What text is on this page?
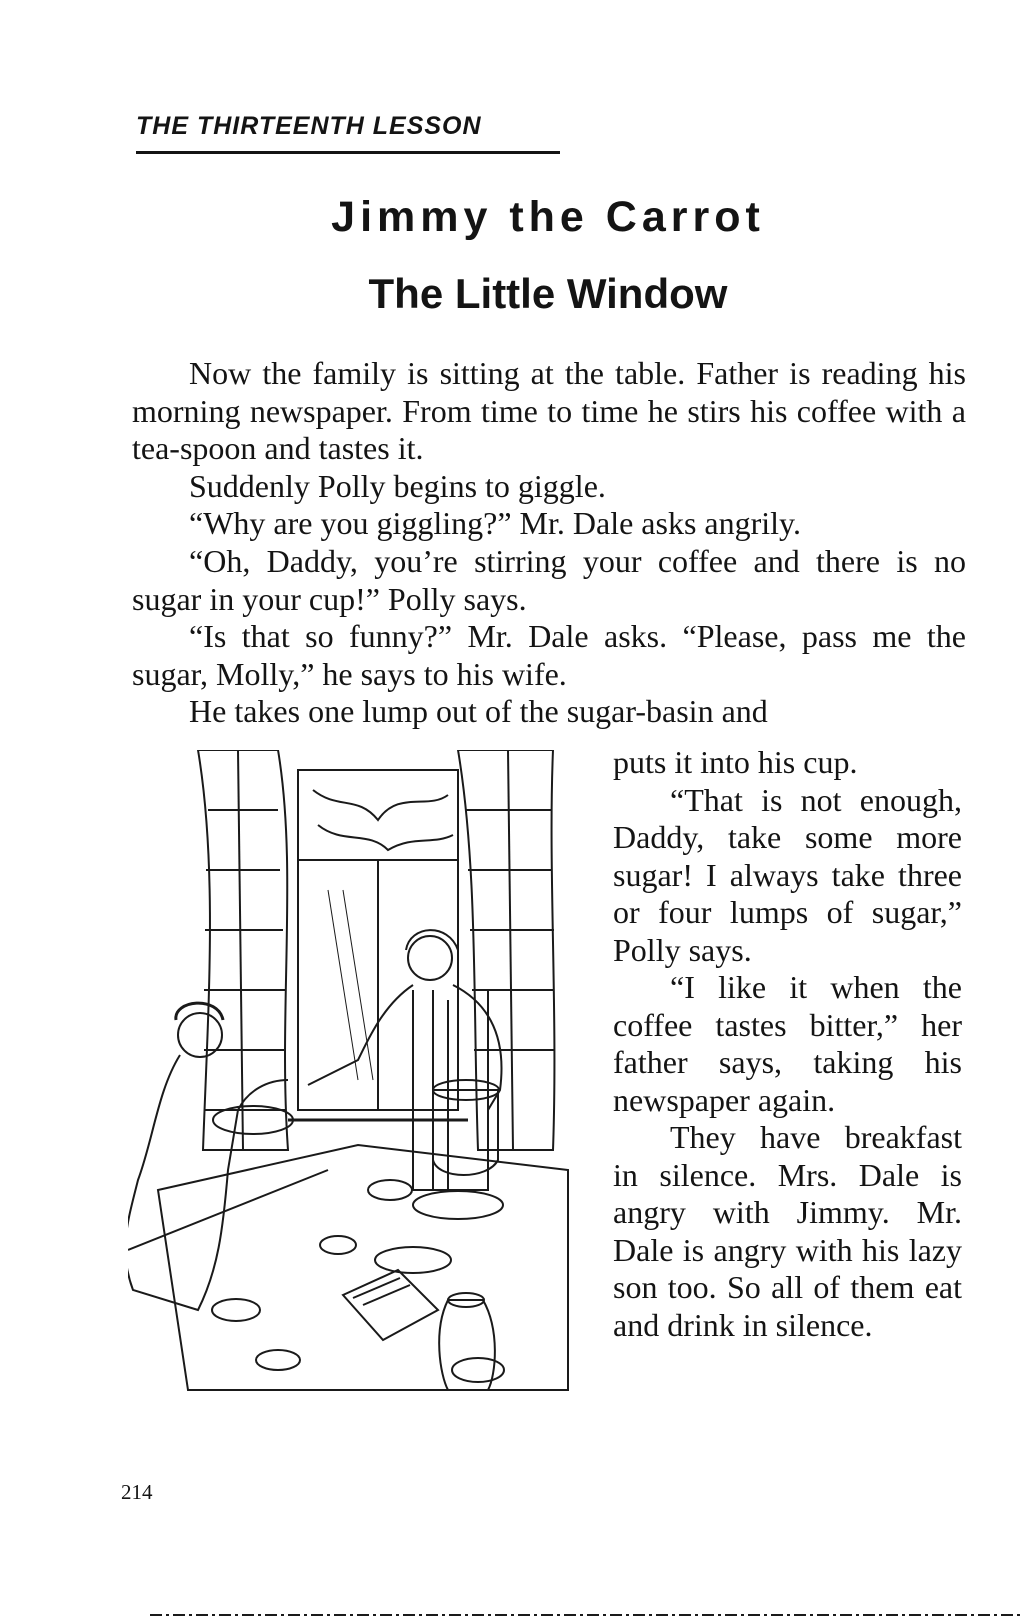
THE THIRTEENTH LESSON
Jimmy the Carrot
The Little Window

Now the family is sitting at the table. Father is reading his morning newspaper. From time to time he stirs his coffee with a tea-spoon and tastes it.

Suddenly Polly begins to giggle.

“Why are you giggling?” Mr. Dale asks angrily.

“Oh, Daddy, you’re stirring your coffee and there is no sugar in your cup!” Polly says.

“Is that so funny?” Mr. Dale asks. “Please, pass me the sugar, Molly,” he says to his wife.

He takes one lump out of the sugar-basin and

puts it into his cup.

“That is not enough, Daddy, take some more sugar! I always take three or four lumps of sugar,” Polly says.

“I like it when the coffee tastes bitter,” her father says, taking his newspaper again.

They have breakfast in silence. Mrs. Dale is angry with Jimmy. Mr. Dale is angry with his lazy son too. So all of them eat and drink in silence.

214
